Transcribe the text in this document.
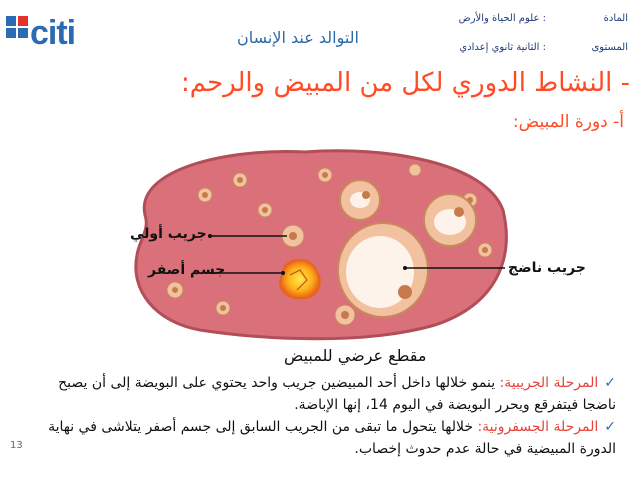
citi	التوالد عند الإنسان
المادة
: علوم الحياة والأرض
المستوى
: الثانية ثانوي إعدادي
- النشاط الدوري لكل من المبيض والرحم:
أ- دورة المبيض:
جريب أولي
جسم أصفر	جريب ناضج
مقطع عرضي للمبيض
✓المرحلة الجريبية: ينمو خلالها داخل أحد المبيضين جريب واحد يحتوي على البويضة إلى أن يصبح ناضجا فيتفرقع ويحرر البويضة في اليوم 14، إنها الإباضة.
✓المرحلة الجسفرونية: خلالها يتحول ما تبقى من الجريب السابق إلى جسم أصفر يتلاشى في نهاية الدورة المبيضية في حالة عدم حدوث إخصاب.
13
